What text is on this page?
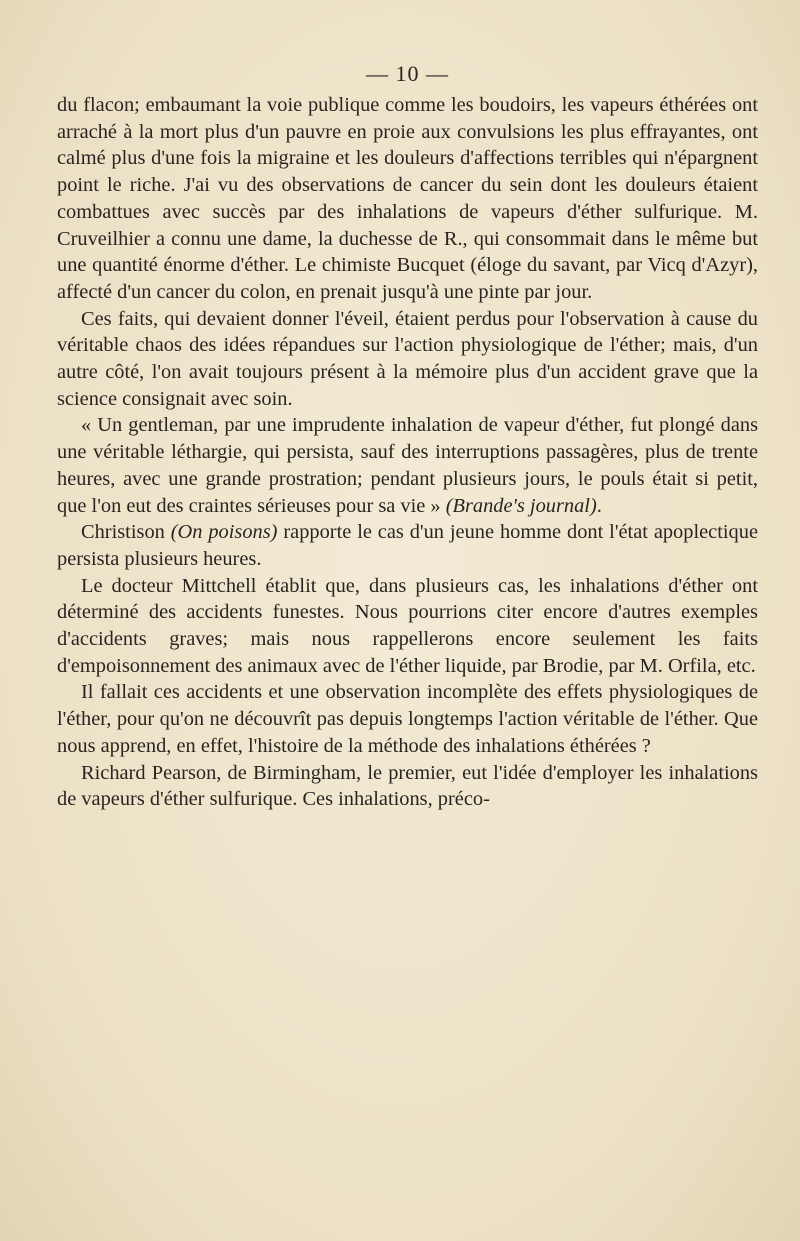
— 10 —

du flacon; embaumant la voie publique comme les boudoirs, les vapeurs éthérées ont arraché à la mort plus d'un pauvre en proie aux convulsions les plus effrayantes, ont calmé plus d'une fois la migraine et les douleurs d'affections terribles qui n'épargnent point le riche. J'ai vu des observations de cancer du sein dont les douleurs étaient combattues avec succès par des inhalations de vapeurs d'éther sulfurique. M. Cruveilhier a connu une dame, la duchesse de R., qui consommait dans le même but une quantité énorme d'éther. Le chimiste Bucquet (éloge du savant, par Vicq d'Azyr), affecté d'un cancer du colon, en prenait jusqu'à une pinte par jour.

Ces faits, qui devaient donner l'éveil, étaient perdus pour l'observation à cause du véritable chaos des idées répandues sur l'action physiologique de l'éther; mais, d'un autre côté, l'on avait toujours présent à la mémoire plus d'un accident grave que la science consignait avec soin.

« Un gentleman, par une imprudente inhalation de vapeur d'éther, fut plongé dans une véritable léthargie, qui persista, sauf des interruptions passagères, plus de trente heures, avec une grande prostration; pendant plusieurs jours, le pouls était si petit, que l'on eut des craintes sérieuses pour sa vie » (Brande's journal).

Christison (On poisons) rapporte le cas d'un jeune homme dont l'état apoplectique persista plusieurs heures.

Le docteur Mittchell établit que, dans plusieurs cas, les inhalations d'éther ont déterminé des accidents funestes. Nous pourrions citer encore d'autres exemples d'accidents graves; mais nous rappellerons encore seulement les faits d'empoisonnement des animaux avec de l'éther liquide, par Brodie, par M. Orfila, etc.

Il fallait ces accidents et une observation incomplète des effets physiologiques de l'éther, pour qu'on ne découvrît pas depuis longtemps l'action véritable de l'éther. Que nous apprend, en effet, l'histoire de la méthode des inhalations éthérées ?

Richard Pearson, de Birmingham, le premier, eut l'idée d'employer les inhalations de vapeurs d'éther sulfurique. Ces inhalations, préco-
